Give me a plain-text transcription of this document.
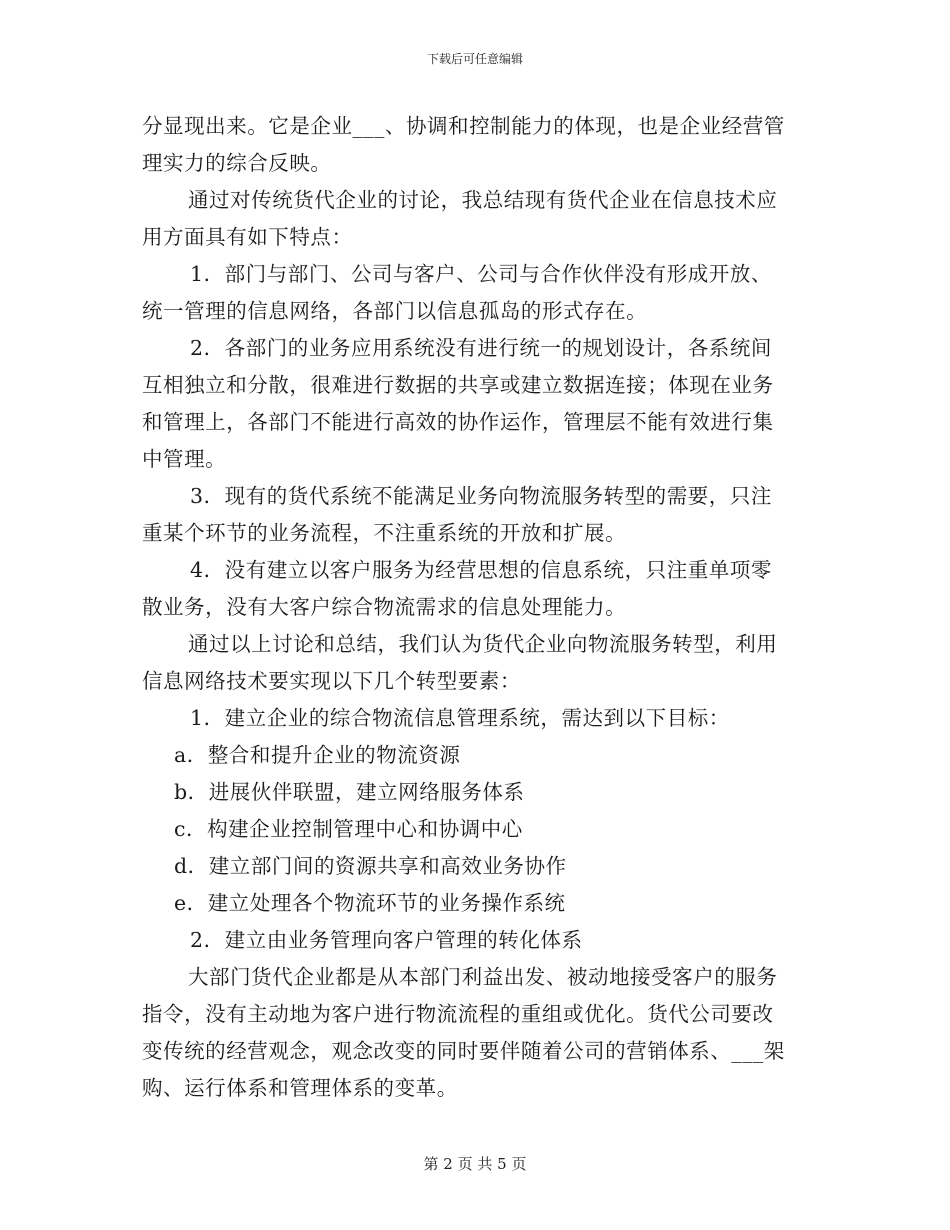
下载后可任意编辑
分显现出来。它是企业___、协调和控制能力的体现，也是企业经营管
理实力的综合反映。
通过对传统货代企业的讨论，我总结现有货代企业在信息技术应
用方面具有如下特点：
1．部门与部门、公司与客户、公司与合作伙伴没有形成开放、
统一管理的信息网络，各部门以信息孤岛的形式存在。
2．各部门的业务应用系统没有进行统一的规划设计，各系统间
互相独立和分散，很难进行数据的共享或建立数据连接；体现在业务
和管理上，各部门不能进行高效的协作运作，管理层不能有效进行集
中管理。
3．现有的货代系统不能满足业务向物流服务转型的需要，只注
重某个环节的业务流程，不注重系统的开放和扩展。
4．没有建立以客户服务为经营思想的信息系统，只注重单项零
散业务，没有大客户综合物流需求的信息处理能力。
通过以上讨论和总结，我们认为货代企业向物流服务转型，利用
信息网络技术要实现以下几个转型要素：
1．建立企业的综合物流信息管理系统，需达到以下目标：
a．整合和提升企业的物流资源
b．进展伙伴联盟，建立网络服务体系
c．构建企业控制管理中心和协调中心
d．建立部门间的资源共享和高效业务协作
e．建立处理各个物流环节的业务操作系统
2．建立由业务管理向客户管理的转化体系
大部门货代企业都是从本部门利益出发、被动地接受客户的服务
指令，没有主动地为客户进行物流流程的重组或优化。货代公司要改
变传统的经营观念，观念改变的同时要伴随着公司的营销体系、___架
购、运行体系和管理体系的变革。
第 2 页 共 5 页
